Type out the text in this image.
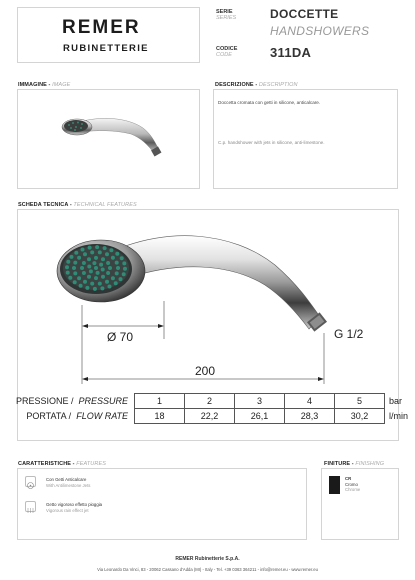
REMER
RUBINETTERIE
SERIE
SERIES	DOCCETTE
HANDSHOWERS
CODICE
CODE	311DA
IMMAGINE - IMAGE	DESCRIZIONE - DESCRIPTION
Doccetta cromata con getti in silicone, anticalcare.
C.p. handshower with jets in silicone, anti-limestone.
SCHEDA TECNICA - TECHNICAL FEATURES
Ø 70	G 1/2
200
PRESSIONE / PRESSURE	1	2	3	4	5	bar
PORTATA / FLOW RATE	18	22,2	26,1	28,3	30,2	l/min
CARATTERISTICHE - FEATURES
Con Getti Anticalcare
With Antilimestone Jets
Getto vigoroso effetto pioggia
Vigorous rain effect jet
FINITURE - FINISHING
CR

Cromo
Chrome
REMER Rubinetterie S.p.A.
Via Leonardo Da Vinci, 83 - 20062 Cassano d'Adda (MI) - Italy - Tel. +39 0363 364211 - info@remer.eu - www.remer.eu
